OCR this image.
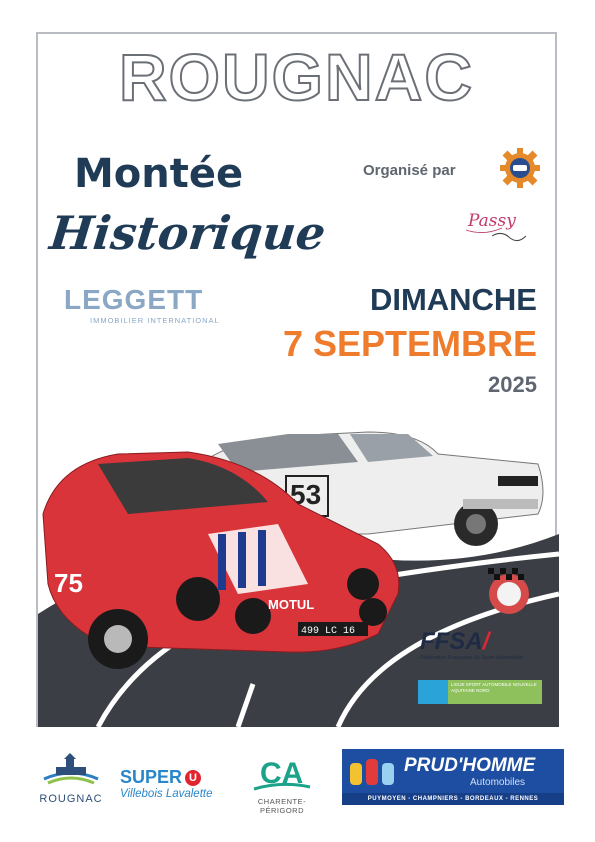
ROUGNAC
Montée
Historique
Organisé par
Passy
LEGGETT
IMMOBILIER INTERNATIONAL
DIMANCHE
7 SEPTEMBRE
2025
53
499 LC 16
MOTUL
75
FFSA/
Fédération Française du Sport Automobile
LIGUE SPORT AUTOMOBILE NOUVELLE AQUITAINE NORD
ROUGNAC
SUPER U
Villebois Lavalette
CA
CHARENTE-PÉRIGORD
PRUD'HOMME
Automobiles
PUYMOYEN - CHAMPNIERS - BORDEAUX - RENNES
